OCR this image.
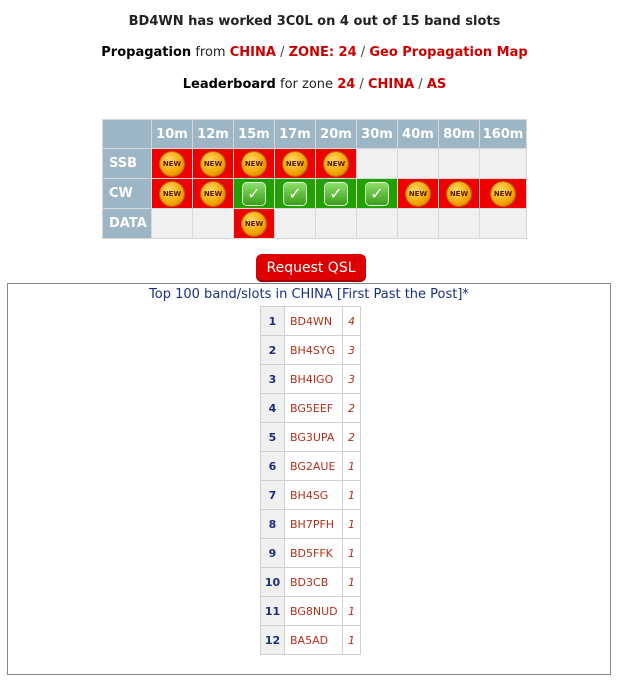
BD4WN has worked 3C0L on 4 out of 15 band slots
Propagation from CHINA / ZONE: 24 / Geo Propagation Map
Leaderboard for zone 24 / CHINA / AS
	10m	12m	15m	17m	20m	30m	40m	80m	160m
SSB	NEW	NEW	NEW	NEW	NEW				
CW	NEW	NEW	✓	✓	✓	✓	NEW	NEW	NEW
DATA			NEW						
Request QSL
Top 100 band/slots in CHINA [First Past the Post]*
1	BD4WN	4
2	BH4SYG	3
3	BH4IGO	3
4	BG5EEF	2
5	BG3UPA	2
6	BG2AUE	1
7	BH4SG	1
8	BH7PFH	1
9	BD5FFK	1
10	BD3CB	1
11	BG8NUD	1
12	BA5AD	1
